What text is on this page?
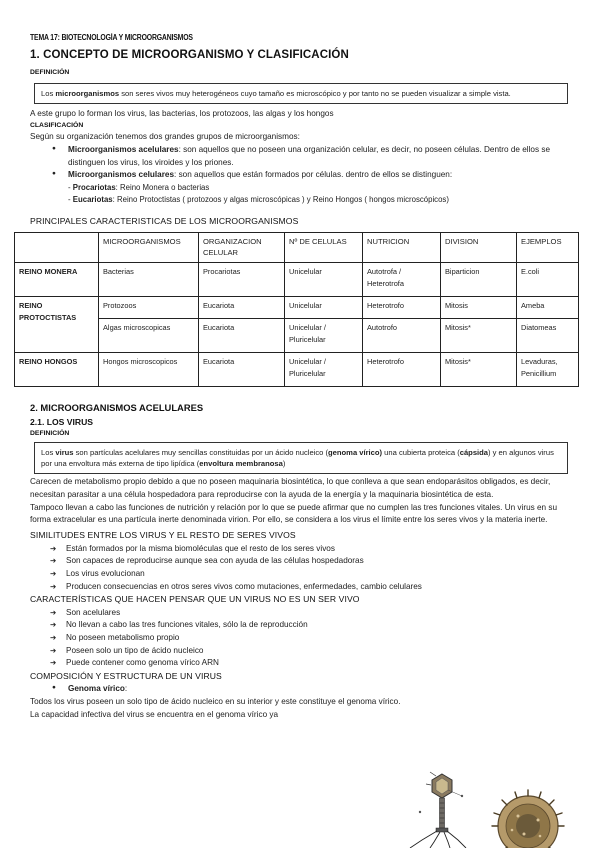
TEMA 17: BIOTECNOLOGÍA Y MICROORGANISMOS
1. CONCEPTO DE MICROORGANISMO Y CLASIFICACIÓN
DEFINICIÓN
Los microorganismos son seres vivos muy heterogéneos cuyo tamaño es microscópico y por tanto no se pueden visualizar a simple vista.

A este grupo lo forman los virus, las bacterias, los protozoos, las algas y los hongos

CLASIFICACIÓN

Según su organización tenemos dos grandes grupos de microorganismos:

● Microorganismos acelulares: son aquellos que no poseen una organización celular, es decir, no poseen células. Dentro de ellos se distinguen los virus, los viroides y los priones.
● Microorganismos celulares: son aquellos que están formados por células. dentro de ellos se distinguen:
- Procariotas: Reino Monera o bacterias
- Eucariotas: Reino Protoctistas ( protozoos y algas microscópicas ) y Reino Hongos ( hongos microscópicos)
PRINCIPALES CARACTERISTICAS DE LOS MICROORGANISMOS
	MICROORGANISMOS	ORGANIZACION CELULAR	Nº DE CELULAS	NUTRICION	DIVISION	EJEMPLOS
REINO MONERA	Bacterias	Procariotas	Unicelular	Autotrofa / Heterotrofa	Biparticion	E.coli
REINO PROTOCTISTAS	Protozoos	Eucariota	Unicelular	Heterotrofo	Mitosis	Ameba
	Algas microscopicas	Eucariota	Unicelular / Pluricelular	Autotrofo	Mitosis*	Diatomeas
REINO HONGOS	Hongos microscopicos	Eucariota	Unicelular / Pluricelular	Heterotrofo	Mitosis*	Levaduras, Penicillium
2. MICROORGANISMOS ACELULARES
2.1. LOS VIRUS
DEFINICIÓN
Los virus son partículas acelulares muy sencillas constituidas por un ácido nucleico (genoma vírico) una cubierta proteica (cápsida) y en algunos virus por una envoltura más externa de tipo lipídica (envoltura membranosa)

Carecen de metabolismo propio debido a que no poseen maquinaria biosintética, lo que conlleva a que sean endoparásitos obligados, es decir, necesitan parasitar a una célula hospedadora para reproducirse con la ayuda de la energía y la maquinaria biosintética de esta.

Tampoco llevan a cabo las funciones de nutrición y relación por lo que se puede afirmar que no cumplen las tres funciones vitales. Un virus en su forma extracelular es una partícula inerte denominada virion. Por ello, se considera a los virus el límite entre los seres vivos y la materia inerte.

SIMILITUDES ENTRE LOS VIRUS Y EL RESTO DE SERES VIVOS
➔ Están formados por la misma biomoléculas que el resto de los seres vivos
➔ Son capaces de reproducirse aunque sea con ayuda de las células hospedadoras
➔ Los virus evolucionan
➔ Producen consecuencias en otros seres vivos como mutaciones, enfermedades, cambio celulares
CARACTERÍSTICAS QUE HACEN PENSAR QUE UN VIRUS NO ES UN SER VIVO
➔ Son acelulares
➔ No llevan a cabo las tres funciones vitales, sólo la de reproducción
➔ No poseen metabolismo propio
➔ Poseen solo un tipo de ácido nucleico
➔ Puede contener como genoma vírico ARN
COMPOSICIÓN Y ESTRUCTURA DE UN VIRUS
● Genoma vírico:

Todos los virus poseen un solo tipo de ácido nucleico en su interior y este constituye el genoma vírico. La capacidad infectiva del virus se encuentra en el genoma vírico ya
